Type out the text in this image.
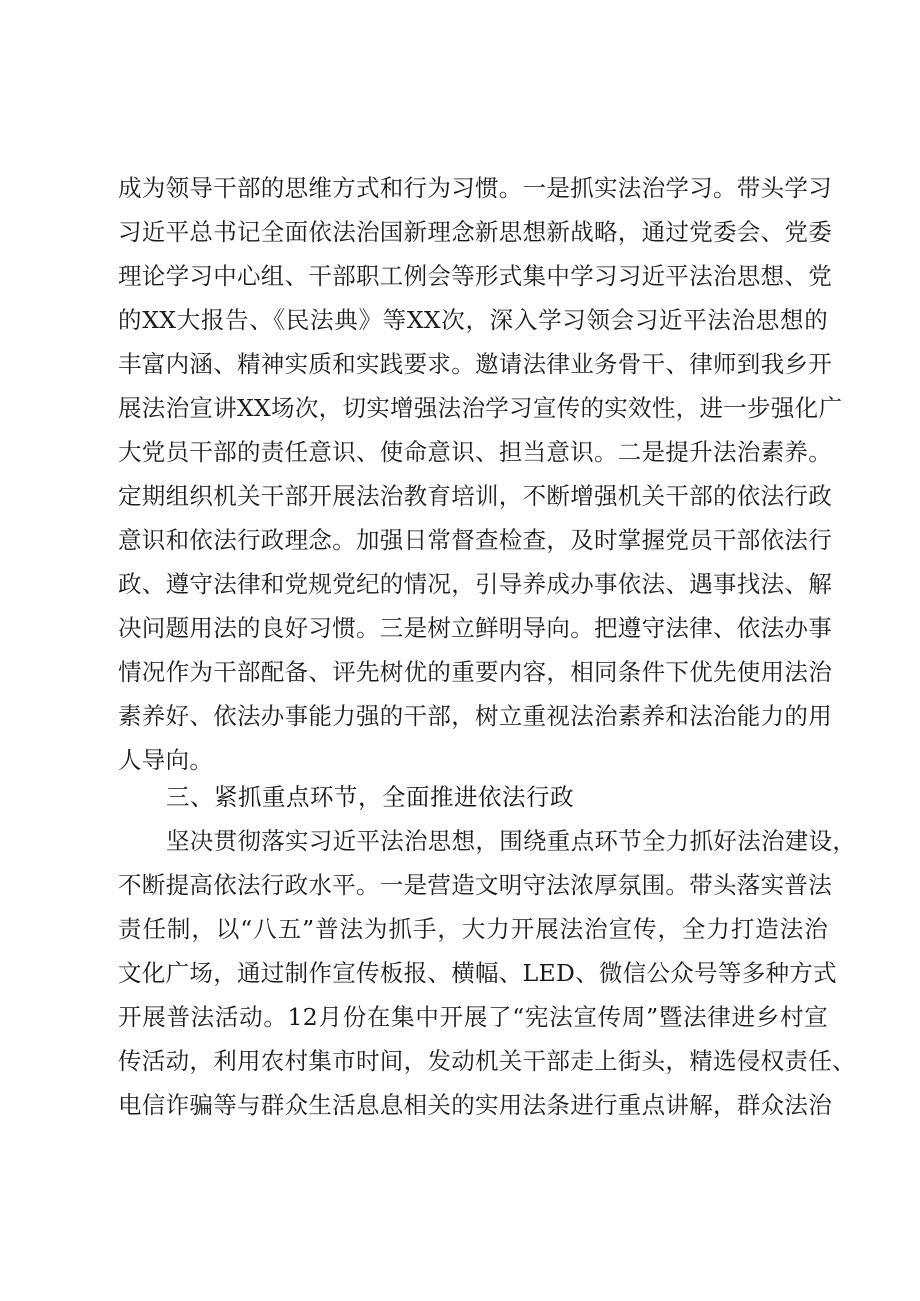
成为领导干部的思维方式和行为习惯。一是抓实法治学习。带头学习
习近平总书记全面依法治国新理念新思想新战略，通过党委会、党委
理论学习中心组、干部职工例会等形式集中学习习近平法治思想、党
的XX大报告、《民法典》等XX次，深入学习领会习近平法治思想的
丰富内涵、精神实质和实践要求。邀请法律业务骨干、律师到我乡开
展法治宣讲XX场次，切实增强法治学习宣传的实效性，进一步强化广
大党员干部的责任意识、使命意识、担当意识。二是提升法治素养。
定期组织机关干部开展法治教育培训，不断增强机关干部的依法行政
意识和依法行政理念。加强日常督查检查，及时掌握党员干部依法行
政、遵守法律和党规党纪的情况，引导养成办事依法、遇事找法、解
决问题用法的良好习惯。三是树立鲜明导向。把遵守法律、依法办事
情况作为干部配备、评先树优的重要内容，相同条件下优先使用法治
素养好、依法办事能力强的干部，树立重视法治素养和法治能力的用
人导向。
三、紧抓重点环节，全面推进依法行政
坚决贯彻落实习近平法治思想，围绕重点环节全力抓好法治建设，
不断提高依法行政水平。一是营造文明守法浓厚氛围。带头落实普法
责任制，以“八五”普法为抓手，大力开展法治宣传，全力打造法治
文化广场，通过制作宣传板报、横幅、LED、微信公众号等多种方式
开展普法活动。12月份在集中开展了“宪法宣传周”暨法律进乡村宣
传活动，利用农村集市时间，发动机关干部走上街头，精选侵权责任、
电信诈骗等与群众生活息息相关的实用法条进行重点讲解，群众法治
